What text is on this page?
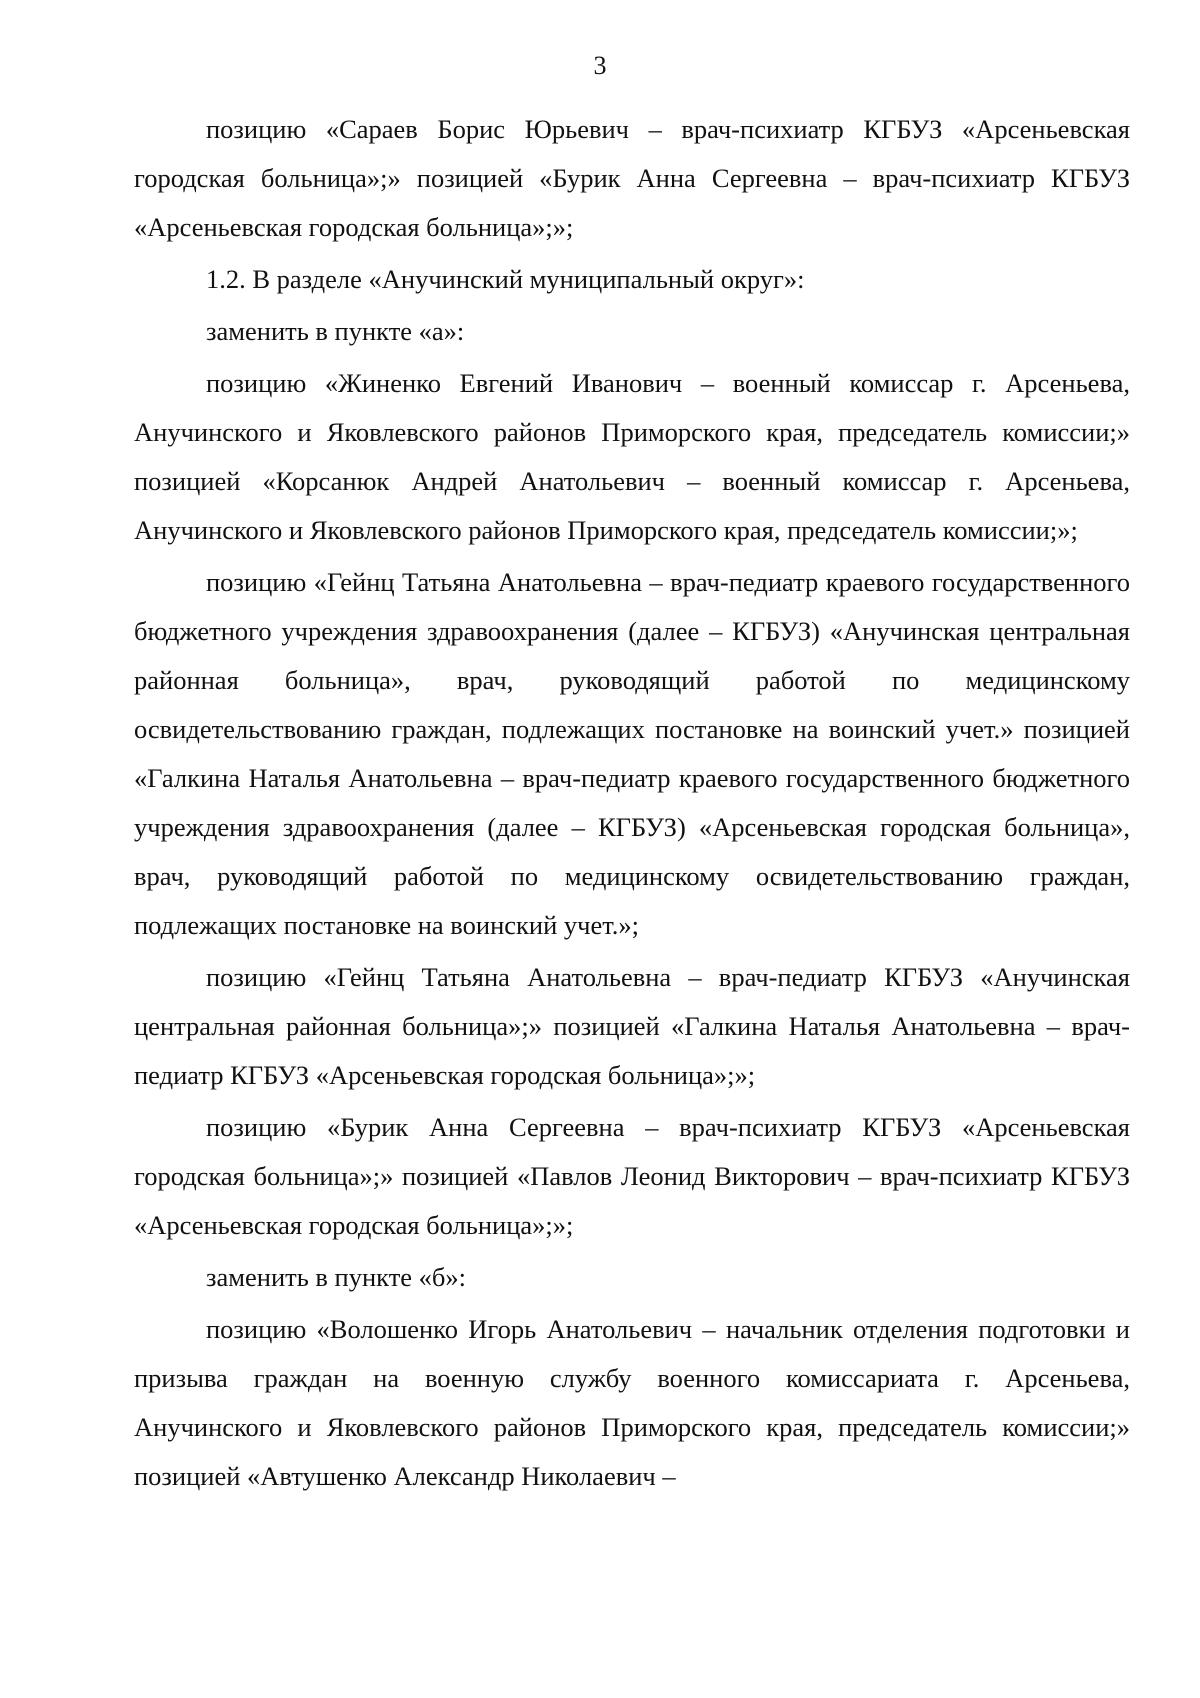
3

позицию «Сараев Борис Юрьевич – врач-психиатр КГБУЗ «Арсеньевская городская больница»;» позицией «Бурик Анна Сергеевна – врач-психиатр КГБУЗ «Арсеньевская городская больница»;»;

1.2. В разделе «Анучинский муниципальный округ»:

заменить в пункте «а»:

позицию «Жиненко Евгений Иванович – военный комиссар г. Арсеньева, Анучинского и Яковлевского районов Приморского края, председатель комиссии;» позицией «Корсанюк Андрей Анатольевич – военный комиссар г. Арсеньева, Анучинского и Яковлевского районов Приморского края, председатель комиссии;»;

позицию «Гейнц Татьяна Анатольевна – врач-педиатр краевого государственного бюджетного учреждения здравоохранения (далее – КГБУЗ) «Анучинская центральная районная больница», врач, руководящий работой по медицинскому освидетельствованию граждан, подлежащих постановке на воинский учет.» позицией «Галкина Наталья Анатольевна – врач-педиатр краевого государственного бюджетного учреждения здравоохранения (далее – КГБУЗ) «Арсеньевская городская больница», врач, руководящий работой по медицинскому освидетельствованию граждан, подлежащих постановке на воинский учет.»;

позицию «Гейнц Татьяна Анатольевна – врач-педиатр КГБУЗ «Анучинская центральная районная больница»;» позицией «Галкина Наталья Анатольевна – врач-педиатр КГБУЗ «Арсеньевская городская больница»;»;

позицию «Бурик Анна Сергеевна – врач-психиатр КГБУЗ «Арсеньевская городская больница»;» позицией «Павлов Леонид Викторович – врач-психиатр КГБУЗ «Арсеньевская городская больница»;»;

заменить в пункте «б»:

позицию «Волошенко Игорь Анатольевич – начальник отделения подготовки и призыва граждан на военную службу военного комиссариата г. Арсеньева, Анучинского и Яковлевского районов Приморского края, председатель комиссии;» позицией «Автушенко Александр Николаевич –
